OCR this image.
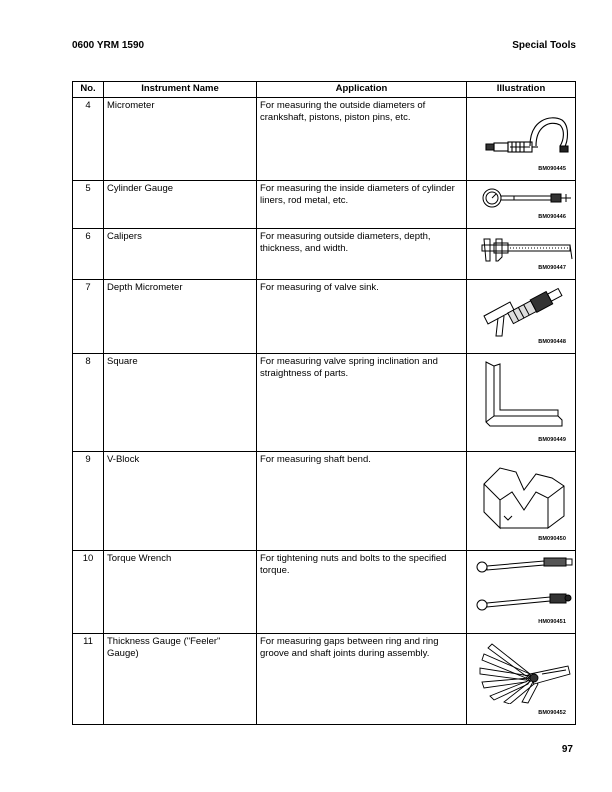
0600 YRM 1590	Special Tools
No.	Instrument Name	Application	Illustration
4	Micrometer	For measuring the outside diameters of crankshaft, pistons, piston pins, etc.	BM090445

5	Cylinder Gauge	For measuring the inside diameters of cylinder liners, rod metal, etc.	BM090446

6	Calipers	For measuring outside diameters, depth, thickness, and width.	BM090447

7	Depth Micrometer	For measuring of valve sink.	BM090448

8	Square	For measuring valve spring inclination and straightness of parts.	BM090449

9	V-Block	For measuring shaft bend.	BM090450

10	Torque Wrench	For tightening nuts and bolts to the specified torque.	HM090451

11	Thickness Gauge ("Feeler" Gauge)	For measuring gaps between ring and ring groove and shaft joints during assembly.	BM090452
97
